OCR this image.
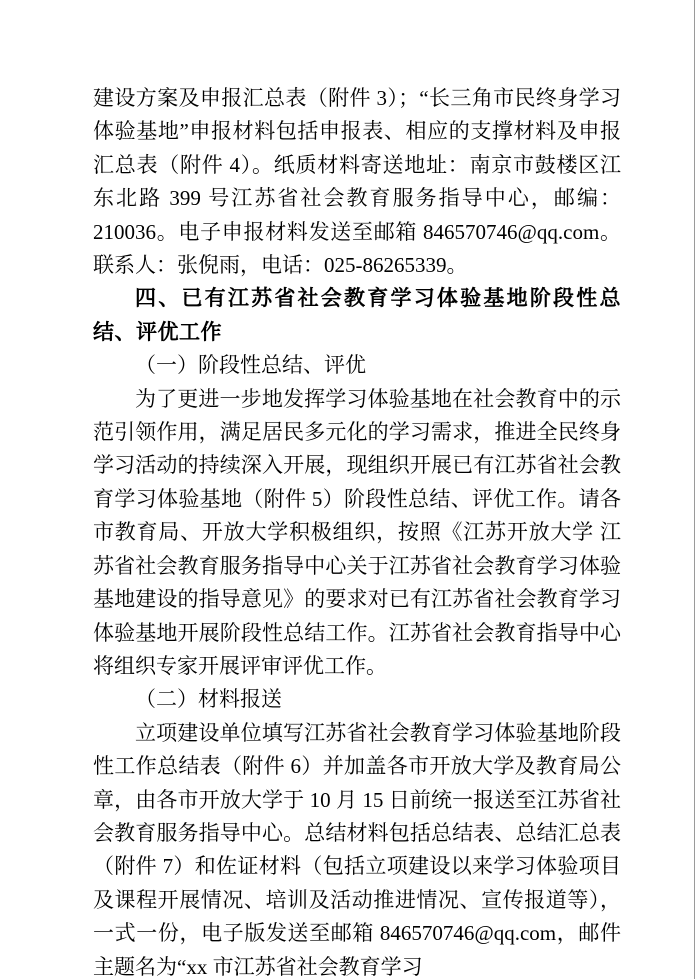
建设方案及申报汇总表（附件 3）；“长三角市民终身学习体验基地”申报材料包括申报表、相应的支撑材料及申报汇总表（附件 4）。纸质材料寄送地址：南京市鼓楼区江东北路 399 号江苏省社会教育服务指导中心，邮编：210036。电子申报材料发送至邮箱 846570746@qq.com。联系人：张倪雨，电话：025-86265339。

四、已有江苏省社会教育学习体验基地阶段性总结、评优工作

（一）阶段性总结、评优

为了更进一步地发挥学习体验基地在社会教育中的示范引领作用，满足居民多元化的学习需求，推进全民终身学习活动的持续深入开展，现组织开展已有江苏省社会教育学习体验基地（附件 5）阶段性总结、评优工作。请各市教育局、开放大学积极组织，按照《江苏开放大学 江苏省社会教育服务指导中心关于江苏省社会教育学习体验基地建设的指导意见》的要求对已有江苏省社会教育学习体验基地开展阶段性总结工作。江苏省社会教育指导中心将组织专家开展评审评优工作。

（二）材料报送

立项建设单位填写江苏省社会教育学习体验基地阶段性工作总结表（附件 6）并加盖各市开放大学及教育局公章，由各市开放大学于 10 月 15 日前统一报送至江苏省社会教育服务指导中心。总结材料包括总结表、总结汇总表（附件 7）和佐证材料（包括立项建设以来学习体验项目及课程开展情况、培训及活动推进情况、宣传报道等），一式一份，电子版发送至邮箱 846570746@qq.com，邮件主题名为“xx 市江苏省社会教育学习
